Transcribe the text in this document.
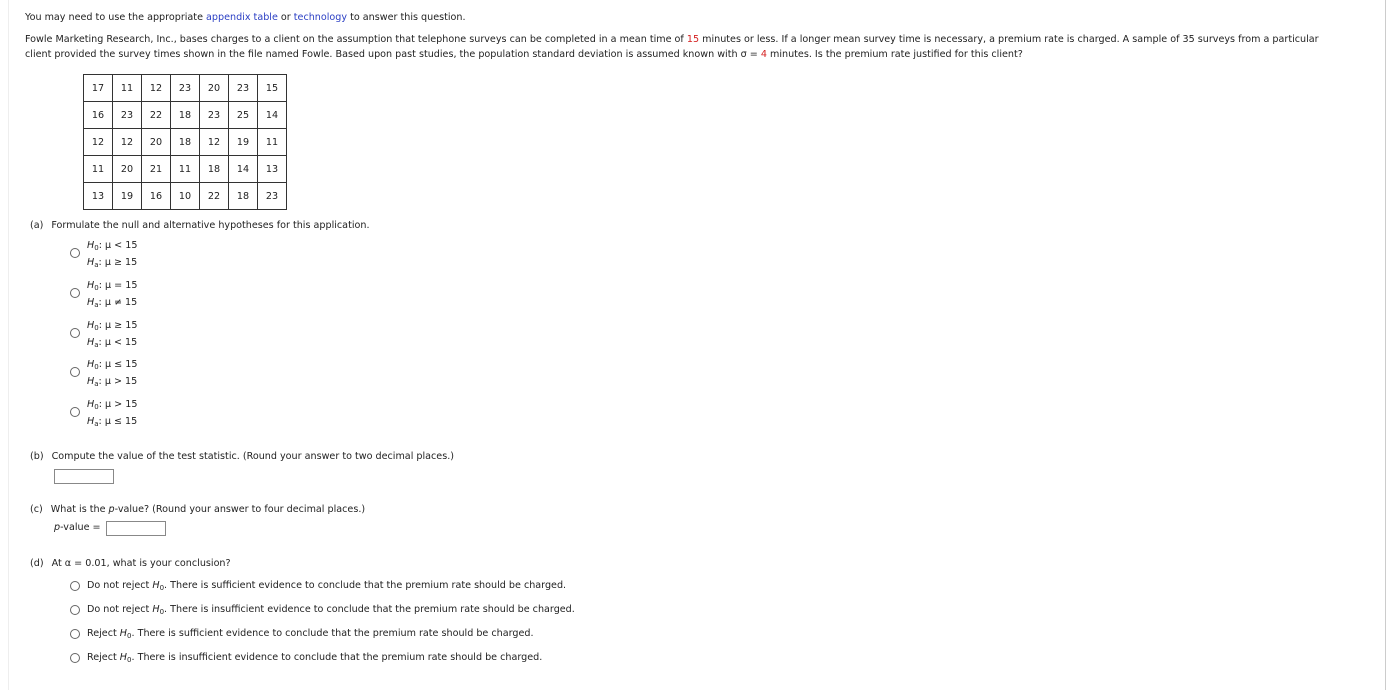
You may need to use the appropriate appendix table or technology to answer this question.
Fowle Marketing Research, Inc., bases charges to a client on the assumption that telephone surveys can be completed in a mean time of 15 minutes or less. If a longer mean survey time is necessary, a premium rate is charged. A sample of 35 surveys from a particular
client provided the survey times shown in the file named Fowle. Based upon past studies, the population standard deviation is assumed known with σ = 4 minutes. Is the premium rate justified for this client?
17	11	12	23	20	23	15
16	23	22	18	23	25	14
12	12	20	18	12	19	11
11	20	21	11	18	14	13
13	19	16	10	22	18	23
(a) Formulate the null and alternative hypotheses for this application.
$H_0$: μ < 15
$H_a$: μ ≥ 15
$H_0$: μ = 15
$H_a$: μ ≠ 15
$H_0$: μ ≥ 15
$H_a$: μ < 15
$H_0$: μ ≤ 15
$H_a$: μ > 15
$H_0$: μ > 15
$H_a$: μ ≤ 15
(b) Compute the value of the test statistic. (Round your answer to two decimal places.)
(c) What is the p-value? (Round your answer to four decimal places.)
p-value =
(d) At α = 0.01, what is your conclusion?
Do not reject $H_0$. There is sufficient evidence to conclude that the premium rate should be charged.
Do not reject $H_0$. There is insufficient evidence to conclude that the premium rate should be charged.
Reject $H_0$. There is sufficient evidence to conclude that the premium rate should be charged.
Reject $H_0$. There is insufficient evidence to conclude that the premium rate should be charged.
